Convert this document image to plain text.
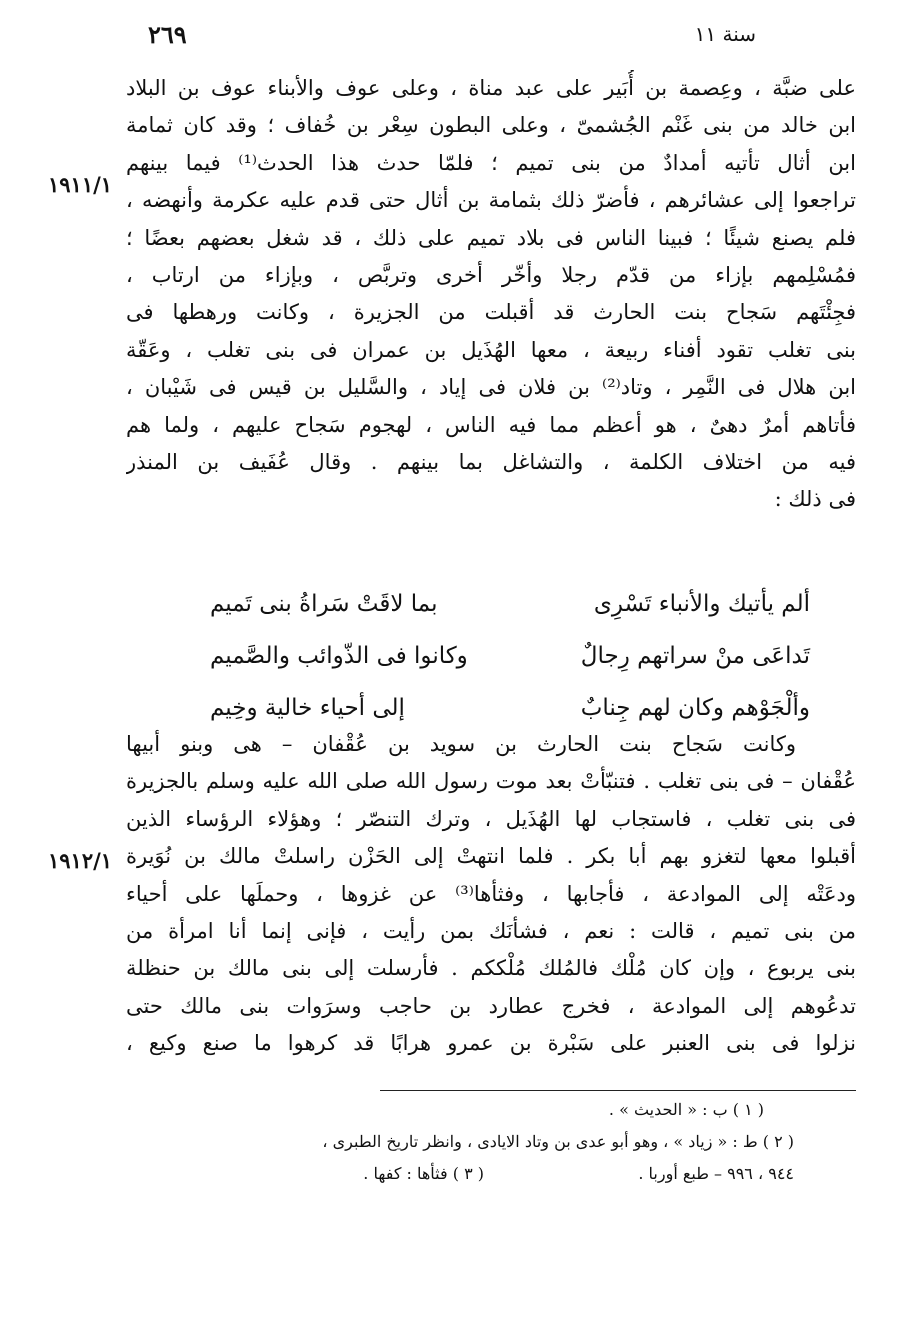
٢٦٩	سنة ١١
١٩١١/١
١٩١٢/١
على ضبَّة ، وعِصمة بن أُبَير على عبد مناة ، وعلى عوف والأبناء عوف بن البلاد
ابن خالد من بنى غَنْم الجُشمىّ ، وعلى البطون سِعْر بن خُفاف ؛ وقد كان ثمامة
ابن أثال تأتيه أمدادٌ من بنى تميم ؛ فلمّا حدث هذا الحدث⁽¹⁾ فيما بينهم
تراجعوا إلى عشائرهم ، فأضرّ ذلك بثمامة بن أثال حتى قدم عليه عكرمة وأنهضه ،
فلم يصنع شيئًا ؛ فبينا الناس فى بلاد تميم على ذلك ، قد شغل بعضهم بعضًا ؛
فمُسْلِمهم بإزاء من قدّم رجلا وأخّر أخرى وتربَّص ، وبإزاء من ارتاب ،
فجِئْتَهم سَجاح بنت الحارث قد أقبلت من الجزيرة ، وكانت ورهطها فى
بنى تغلب تقود أفناء ربيعة ، معها الهُذَيل بن عمران فى بنى تغلب ، وعَقّة
ابن هلال فى النَّمِر ، وتاد⁽²⁾ بن فلان فى إياد ، والسَّليل بن قيس فى شَيْبان ،
فأتاهم أمرٌ دهىٌ ، هو أعظم مما فيه الناس ، لهجوم سَجاح عليهم ، ولما هم
فيه من اختلاف الكلمة ، والتشاغل بما بينهم . وقال عُفَيف بن المنذر
فى ذلك :
ألم يأتيك والأنباء تَسْرِى
بما لاقَتْ سَراةُ بنى تَميم
تَداعَى منْ سراتهم رِجالٌ
وكانوا فى الذّوائب والصَّميم
وألْجَوْهم وكان لهم جِنابٌ
إلى أحياء خالية وخِيم
وكانت سَجاح بنت الحارث بن سويد بن عُقْفان – هى وبنو أبيها
عُقْفان – فى بنى تغلب . فتنبّأتْ بعد موت رسول الله صلى الله عليه وسلم بالجزيرة
فى بنى تغلب ، فاستجاب لها الهُذَيل ، وترك التنصّر ؛ وهؤلاء الرؤساء الذين
أقبلوا معها لتغزو بهم أبا بكر . فلما انتهتْ إلى الحَزْن راسلتْ مالك بن نُوَيرة
ودعَتْه إلى الموادعة ، فأجابها ، وفثأها⁽³⁾ عن غزوها ، وحملَها على أحياء
من بنى تميم ، قالت : نعم ، فشأنَك بمن رأيت ، فإنى إنما أنا امرأة من
بنى يربوع ، وإن كان مُلْك فالمُلك مُلْككم . فأرسلت إلى بنى مالك بن حنظلة
تدعُوهم إلى الموادعة ، فخرج عطارد بن حاجب وسرَوات بنى مالك حتى
نزلوا فى بنى العنبر على سَبْرة بن عمرو هرابًا قد كرهوا ما صنع وكيع ،
( ١ ) ب : « الحديث » .
( ٢ ) ط : « زياد » ، وهو أبو عدى بن وتاد الايادى ، وانظر تاريخ الطبرى ،
( ٣ ) فثأها : كفها .	٩٤٤ ، ٩٩٦ – طبع أوربا .
